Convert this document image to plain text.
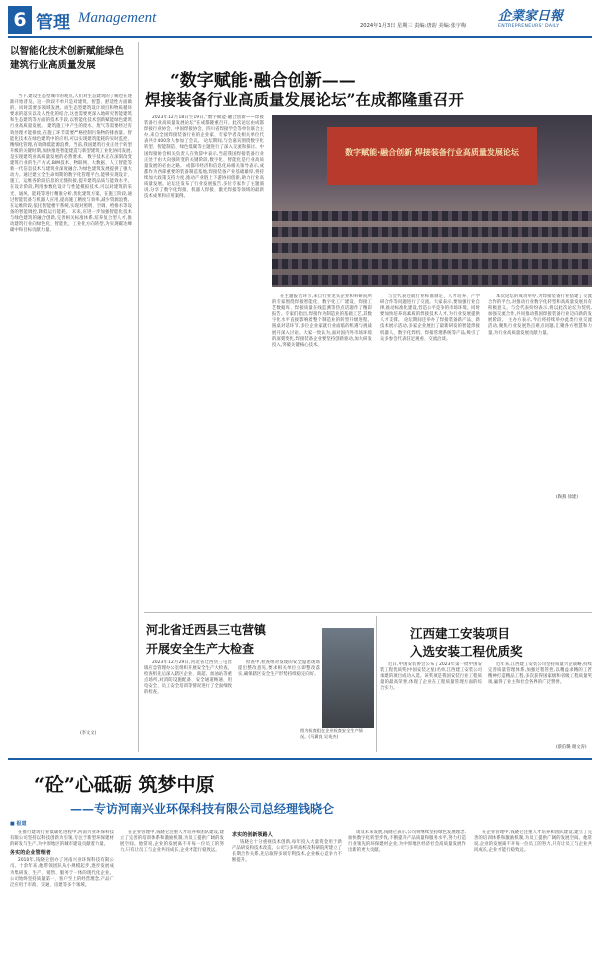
6 管理 Management	2024年1月3日 星期三 责编:唐韵 美编:张宇梅
企業家日報
ENTREPRENEURS' DAILY
以智能化技术创新赋能绿色建筑行业高质量发展

当下,建设生态型城市的观点,人们对生态建筑的了解也在逐渐开始普及。这一阶段不单只是对建筑、智慧、舒适性方面做的、同时需要多领域发展。而生态型建筑设计项目和物质循环要求的落实以及人性化的结合,这也需要更深入地研究智能建筑和生态建筑等方面的技术手段,以智能化技术创新赋能绿色建筑行业高质量发展。 建筑施工中产生的废水、废气等需要经过有效处理才能排放,在施工环节需要严格控制污染物的排放量。智能化技术在绿色建筑中的应用,可以实现建筑能耗的实时监控、精细化管理,有效降低能源浪费。当前,我国建筑行业正处于转型升级的关键时期,加快推进智能建造与新型建筑工业化协同发展,是实现建筑业高质量发展的必然要求。 数字技术正在深刻改变建筑行业的生产方式,BIM技术、物联网、大数据、人工智能等新一代信息技术与建筑业深度融合,为绿色建筑发展提供了强大动力。通过建立全生命周期的数字化管理平台,能够实现设计、施工、运维各阶段信息的无缝衔接,提升建筑品质与能效水平。 在设计阶段,利用参数化设计与性能模拟技术,可以对建筑的采光、通风、能耗等进行精准分析,优化建筑方案。在施工阶段,通过智能装备与机器人应用,提高施工精度与效率,减少资源浪费。在运维阶段,依托智能楼宇系统,实现对照明、空调、给排水等设备的智能调控,降低运行能耗。 未来,应进一步加强智能化技术与绿色建筑的融合创新,完善相关标准体系,培养复合型人才,推动建筑行业向绿色化、智能化、工业化方向转型,为实现碳达峰碳中和目标贡献力量。

(李文文)
“数字赋能·融合创新——
焊接装备行业高质量发展论坛”在成都隆重召开

2023年12月18日至19日,“数字赋能·融合创新——焊接装备行业高质量发展论坛”在成都隆重召开。此次论坛由成都焊接行业协会、中国焊接协会、四川省焊接学会等单位联合主办,来自全国焊接装备行业的企业家、专家学者及相关单位代表共计400余人参加了会议。 论坛期间,与会嘉宾围绕数字化转型、智能制造、绿色低碳等主题进行了深入交流和探讨。中国焊接协会相关负责人在致辞中表示,当前我国焊接装备行业正处于由大向强转变的关键阶段,数字化、智能化是行业高质量发展的必由之路。 成都市经济和信息化局相关领导表示,成都作为西部重要的装备制造基地,焊接装备产业基础雄厚,将持续加大政策支持力度,推动产业链上下游协同创新,助力行业高质量发展。论坛还发布了行业发展报告,多位专家作了主题演讲,分享了数字化焊接、机器人焊接、激光焊接等领域的最新技术成果和应用案例。

数字赋能·融合创新 焊接装备行业高质量发展论坛

在主题报告环节,来自行业龙头企业和科研院所的专家围绕焊接智能化、数字化工厂建设、焊接工艺数据库、焊接质量在线监测等热点话题作了精彩报告。专家们指出,焊接作为制造业的基础工艺,其数字化水平直接影响着整个制造业的转型升级进程。 圆桌对话环节,多位企业家就行业面临的机遇与挑战展开深入讨论。大家一致认为,面对国内外市场环境的深刻变化,焊接装备企业要坚持创新驱动,加大研发投入,突破关键核心技术。

与会代表还就行业标准制定、人才培养、产学研合作等问题进行了交流。大家表示,要加强行业自律,推动标准化建设,营造公平竞争的市场环境。同时要加快培养高素质的焊接技术人才,为行业发展提供人才支撑。 论坛期间还举办了焊接装备新产品、新技术展示活动,多家企业展出了最新研发的智能焊接机器人、数字化焊机、焊接管理系统等产品,吸引了众多参会代表驻足观看、交流洽谈。

本次论坛的成功举办,为焊接装备行业搭建了交流合作的平台,对推动行业数字化转型和高质量发展具有积极意义。与会代表纷纷表示,将以此次论坛为契机,加强交流合作,共同推动我国焊接装备行业迈向新的发展阶段。 主办方表示,今后将持续举办此类行业交流活动,聚焦行业发展热点难点问题,汇聚各方智慧和力量,为行业高质量发展贡献力量。

(陶燕 徐建)
河北省迁西县三屯营镇
开展安全生产大检查

2023年12月29日,河北省迁西县三屯营镇应急管理办公室组织开展安全生产大检查。检查组先后深入辖区企业、商超、加油站等重点场所,对消防设施配备、安全通道畅通、用电安全、员工安全培训等情况进行了全面细致的检查。

检查中,检查组对发现的安全隐患现场提出整改意见,要求相关单位立即整改落实,确保辖区安全生产形势持续稳定向好。

图为检查组在企业检查安全生产情况。(马冀良 吴英杰)
江西建工安装项目
入选安装工程优质奖

近日,中国安装协会公布了2023年第一批中国安装工程优质奖(中国安装之星)名单,江西建工安装公司承建的项目成功入选。该奖项是我国安装行业工程质量的最高荣誉,体现了企业在工程质量管理方面的综合实力。

近年来,江西建工安装公司坚持质量兴企战略,持续完善质量管理体系,加强过程管控,以精益求精的工匠精神打造精品工程,多次获得国家级和省级工程质量奖项,赢得了业主和社会各界的广泛赞誉。

(蔡伯璐 谢文涛)
“砼”心砥砺 筑梦中原
——专访河南兴业环保科技有限公司总经理钱晓仑
■ 报道

在推行建筑行业低碳化进程中,河南兴业环保科技有限公司坚持以科技创新为引领,专注于新型环保建材的研发与生产,为中原地区的城市建设贡献着力量。

务实的企业管理者

2010年,钱晓仑创办了河南兴业环保科技有限公司。十余年来,他带领团队从小规模起步,逐步发展成为集研发、生产、销售、服务于一体的现代化企业。公司始终坚持质量第一、客户至上的经营理念,产品广泛应用于市政、交通、房建等多个领域。

在企业管理中,钱晓仑注重人才培养和团队建设,建立了完善的培训体系和激励机制,为员工提供广阔的发展空间。他常说,企业的发展离不开每一位员工的努力,只有让员工与企业共同成长,企业才能行稳致远。

求实的创新领路人

钱晓仑十分重视技术创新,每年投入大量资金用于新产品研发和技术改造。公司与多所高校及科研院所建立了长期合作关系,先后取得多项专利技术,企业核心竞争力不断提升。

谈及未来发展,钱晓仑表示,公司将继续坚持绿色发展理念,加快数字化转型步伐,不断提升产品质量和服务水平,努力打造行业领先的环保建材企业,为中原地区经济社会高质量发展作出新的更大贡献。

在企业管理中,钱晓仑注重人才培养和团队建设,建立了完善的培训体系和激励机制,为员工提供广阔的发展空间。他常说,企业的发展离不开每一位员工的努力,只有让员工与企业共同成长,企业才能行稳致远。
